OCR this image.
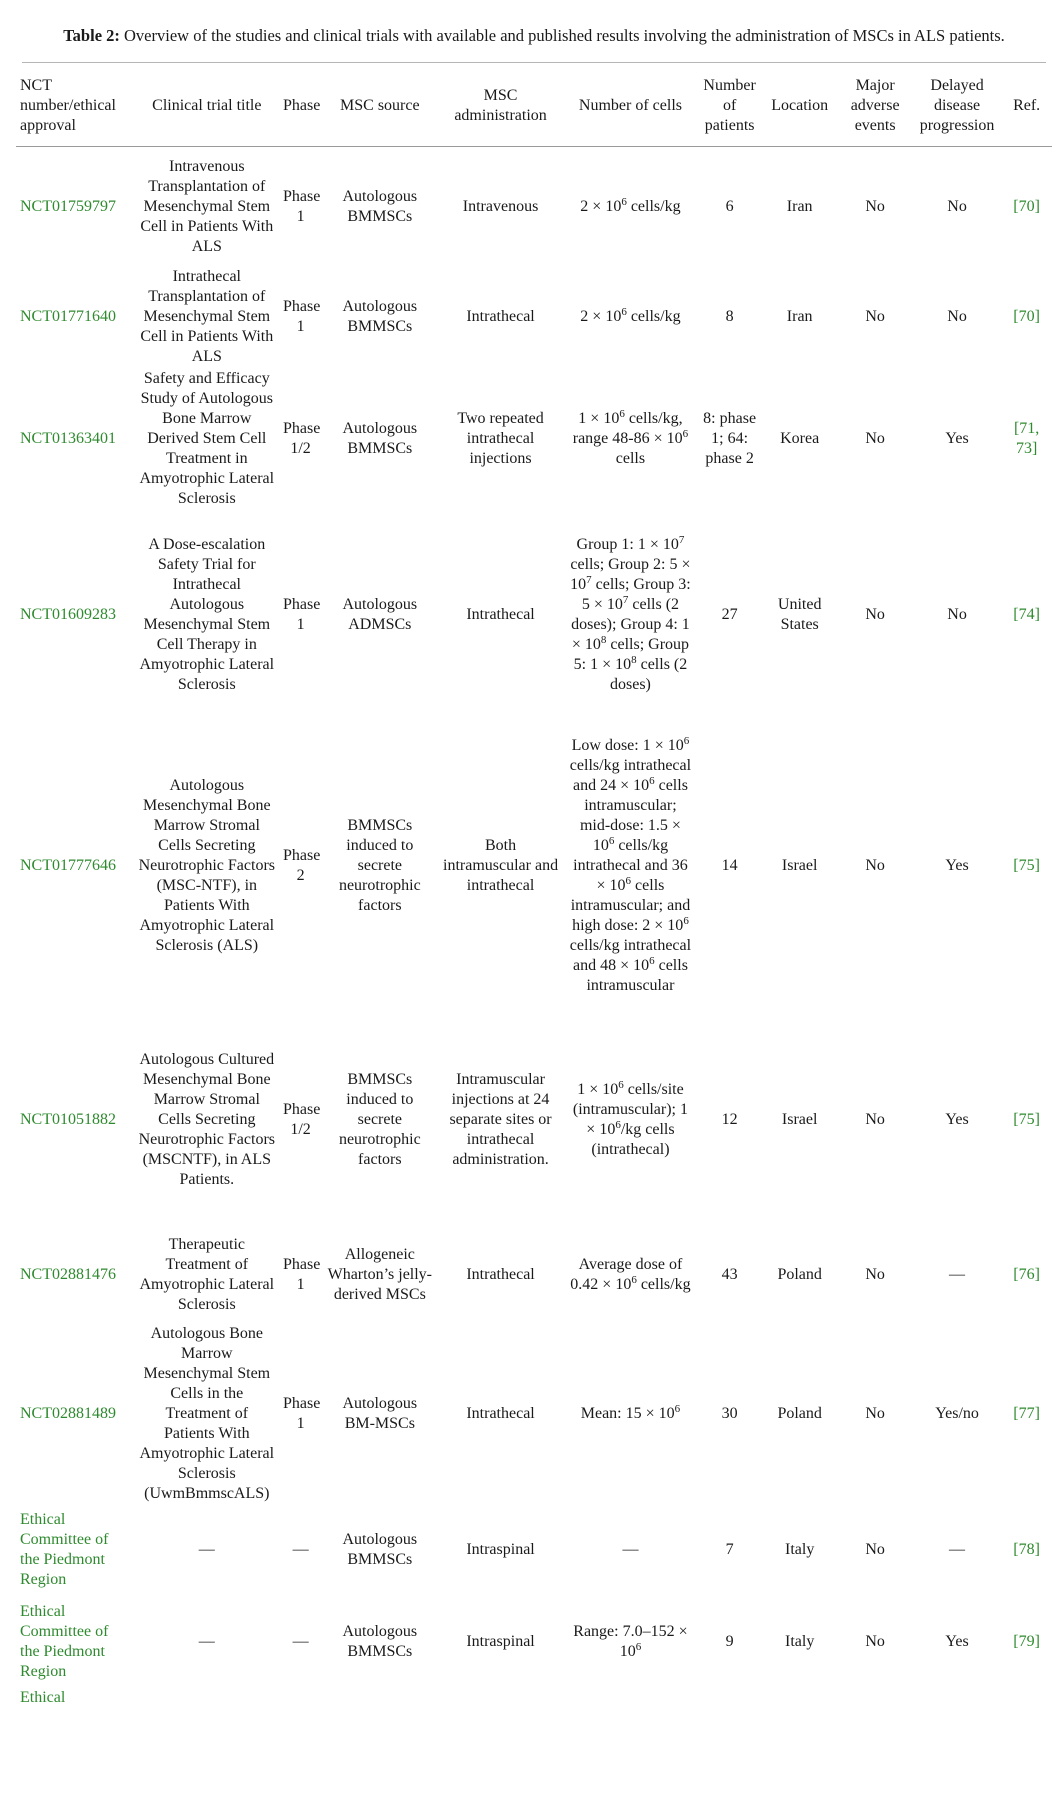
Table 2: Overview of the studies and clinical trials with available and published results involving the administration of MSCs in ALS patients.

NCT number/ethical approval	Clinical trial title	Phase	MSC source	MSC administration	Number of cells	Number of patients	Location	Major adverse events	Delayed disease progression	Ref.
NCT01759797	Intravenous Transplantation of Mesenchymal Stem Cell in Patients With ALS	Phase 1	Autologous BMMSCs	Intravenous	$2 \times 10^6$ cells/kg	6	Iran	No	No	[70]
NCT01771640	Intrathecal Transplantation of Mesenchymal Stem Cell in Patients With ALS	Phase 1	Autologous BMMSCs	Intrathecal	$2 \times 10^6$ cells/kg	8	Iran	No	No	[70]
NCT01363401	Safety and Efficacy Study of Autologous Bone Marrow Derived Stem Cell Treatment in Amyotrophic Lateral Sclerosis	Phase 1/2	Autologous BMMSCs	Two repeated intrathecal injections	$1 \times 10^6$ cells/kg, range $48-86 \times 10^6$ cells	8: phase 1; 64: phase 2	Korea	No	Yes	[71, 73]
NCT01609283	A Dose-escalation Safety Trial for Intrathecal Autologous Mesenchymal Stem Cell Therapy in Amyotrophic Lateral Sclerosis	Phase 1	Autologous ADMSCs	Intrathecal	Group 1: $1 \times 10^7$ cells; Group 2: $5 \times 10^7$ cells; Group 3: $5 \times 10^7$ cells (2 doses); Group 4: $1 \times 10^8$ cells; Group 5: $1 \times 10^8$ cells (2 doses)	27	United States	No	No	[74]
NCT01777646	Autologous Mesenchymal Bone Marrow Stromal Cells Secreting Neurotrophic Factors (MSC-NTF), in Patients With Amyotrophic Lateral Sclerosis (ALS)	Phase 2	BMMSCs induced to secrete neurotrophic factors	Both intramuscular and intrathecal	Low dose: $1 \times 10^6$ cells/kg intrathecal and $24 \times 10^6$ cells intramuscular; mid-dose: $1.5 \times 10^6$ cells/kg intrathecal and $36 \times 10^6$ cells intramuscular; and high dose: $2 \times 10^6$ cells/kg intrathecal and $48 \times 10^6$ cells intramuscular	14	Israel	No	Yes	[75]
NCT01051882	Autologous Cultured Mesenchymal Bone Marrow Stromal Cells Secreting Neurotrophic Factors (MSCNTF), in ALS Patients.	Phase 1/2	BMMSCs induced to secrete neurotrophic factors	Intramuscular injections at 24 separate sites or intrathecal administration.	$1 \times 10^6$ cells/site (intramuscular); $1 \times 10^6/kg$ cells (intrathecal)	12	Israel	No	Yes	[75]
NCT02881476	Therapeutic Treatment of Amyotrophic Lateral Sclerosis	Phase 1	Allogeneic Wharton’s jelly-derived MSCs	Intrathecal	Average dose of $0.42 \times 10^6$ cells/kg	43	Poland	No	—	[76]
NCT02881489	Autologous Bone Marrow Mesenchymal Stem Cells in the Treatment of Patients With Amyotrophic Lateral Sclerosis (UwmBmmscALS)	Phase 1	Autologous BM-MSCs	Intrathecal	Mean: $15 \times 10^6$	30	Poland	No	Yes/no	[77]
Ethical Committee of the Piedmont Region	—	—	Autologous BMMSCs	Intraspinal	—	7	Italy	No	—	[78]
Ethical Committee of the Piedmont Region	—	—	Autologous BMMSCs	Intraspinal	Range: $7.0-152 \times 10^6$	9	Italy	No	Yes	[79]
Ethical										
